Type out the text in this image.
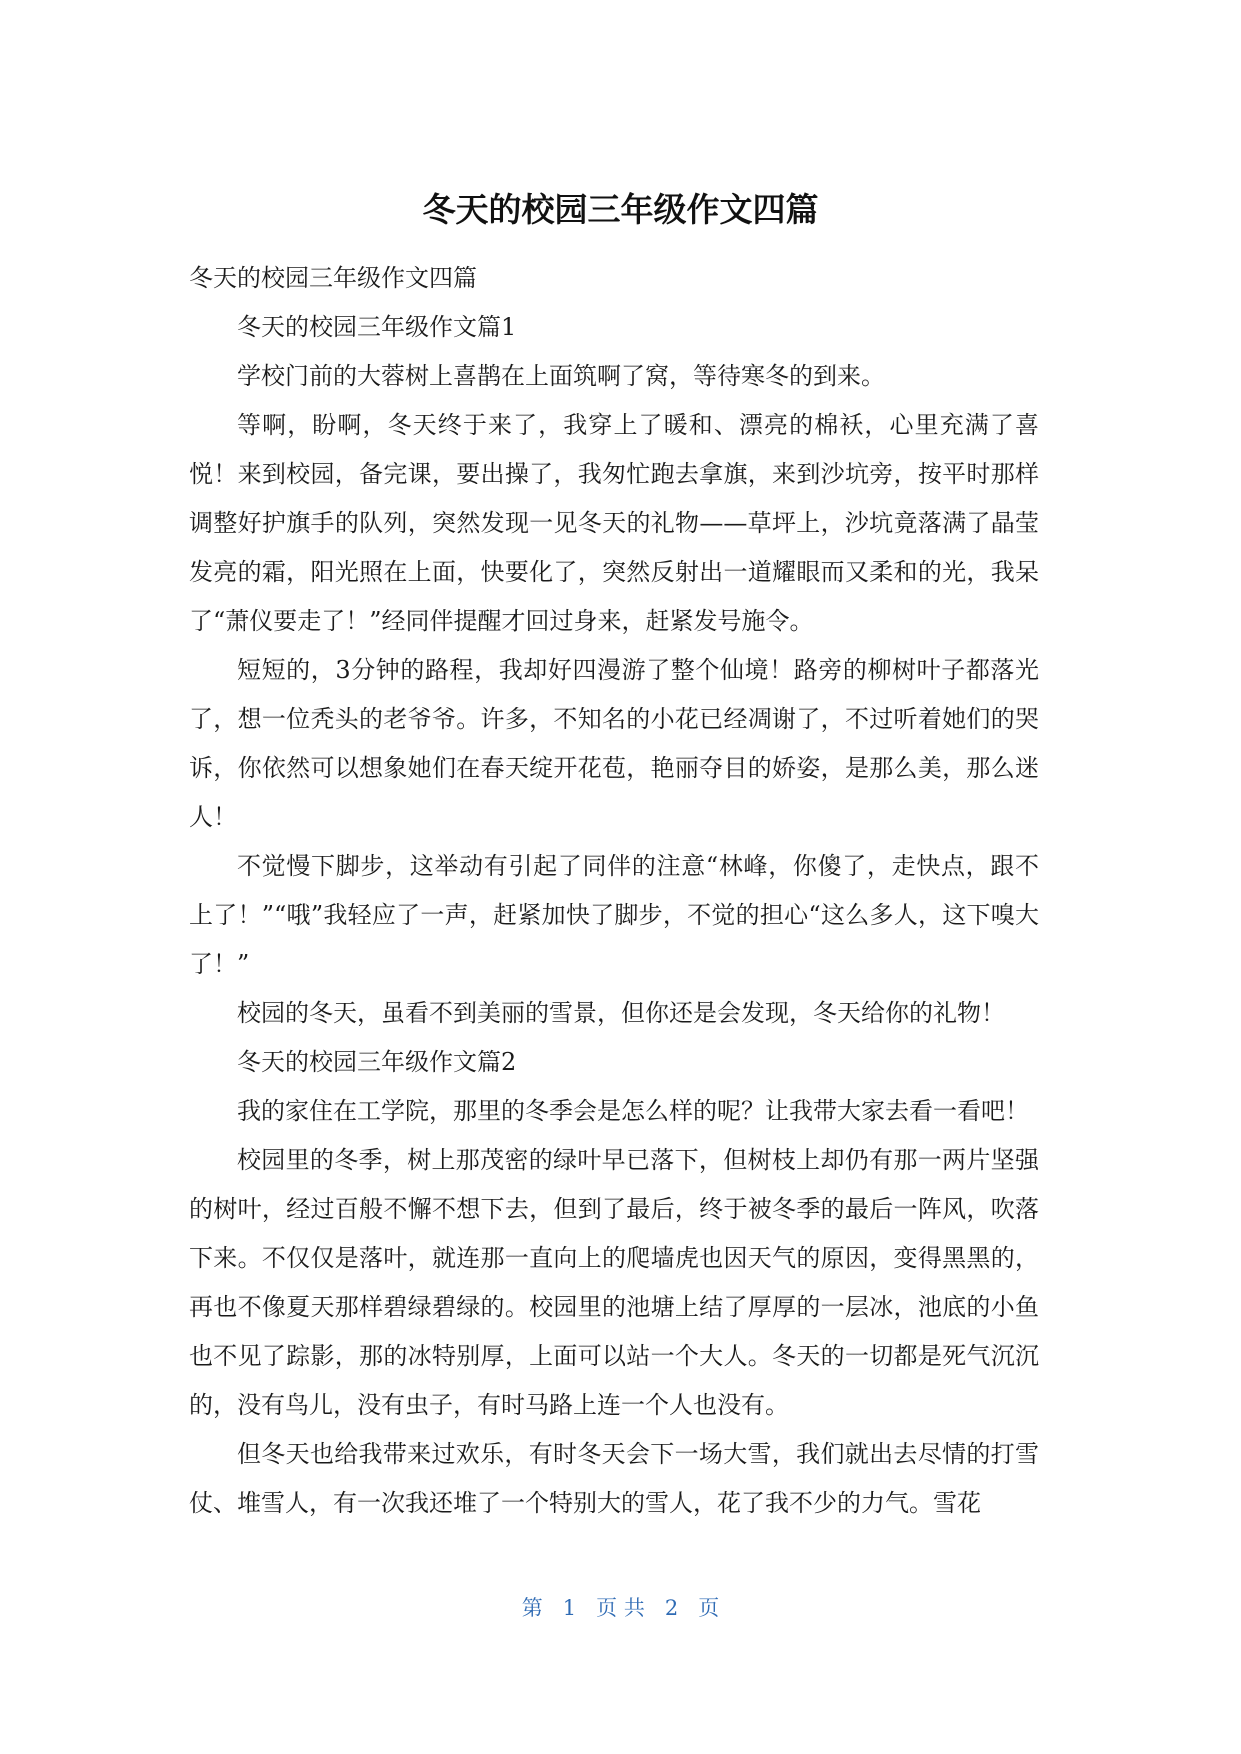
冬天的校园三年级作文四篇

冬天的校园三年级作文四篇

冬天的校园三年级作文篇1

学校门前的大蓉树上喜鹊在上面筑啊了窝，等待寒冬的到来。

等啊，盼啊，冬天终于来了，我穿上了暖和、漂亮的棉袄，心里充满了喜悦！来到校园，备完课，要出操了，我匆忙跑去拿旗，来到沙坑旁，按平时那样调整好护旗手的队列，突然发现一见冬天的礼物——草坪上，沙坑竟落满了晶莹发亮的霜，阳光照在上面，快要化了，突然反射出一道耀眼而又柔和的光，我呆了“萧仪要走了！”经同伴提醒才回过身来，赶紧发号施令。

短短的，3分钟的路程，我却好四漫游了整个仙境！路旁的柳树叶子都落光了，想一位秃头的老爷爷。许多，不知名的小花已经凋谢了，不过听着她们的哭诉，你依然可以想象她们在春天绽开花苞，艳丽夺目的娇姿，是那么美，那么迷人！

不觉慢下脚步，这举动有引起了同伴的注意“林峰，你傻了，走快点，跟不上了！”“哦”我轻应了一声，赶紧加快了脚步，不觉的担心“这么多人，这下嗅大了！”

校园的冬天，虽看不到美丽的雪景，但你还是会发现，冬天给你的礼物！

冬天的校园三年级作文篇2

我的家住在工学院，那里的冬季会是怎么样的呢？让我带大家去看一看吧！

校园里的冬季，树上那茂密的绿叶早已落下，但树枝上却仍有那一两片坚强的树叶，经过百般不懈不想下去，但到了最后，终于被冬季的最后一阵风，吹落下来。不仅仅是落叶，就连那一直向上的爬墙虎也因天气的原因，变得黑黑的，再也不像夏天那样碧绿碧绿的。校园里的池塘上结了厚厚的一层冰，池底的小鱼也不见了踪影，那的冰特别厚，上面可以站一个大人。冬天的一切都是死气沉沉的，没有鸟儿，没有虫子，有时马路上连一个人也没有。

但冬天也给我带来过欢乐，有时冬天会下一场大雪，我们就出去尽情的打雪仗、堆雪人，有一次我还堆了一个特别大的雪人，花了我不少的力气。雪花

第 1 页 共 2 页
